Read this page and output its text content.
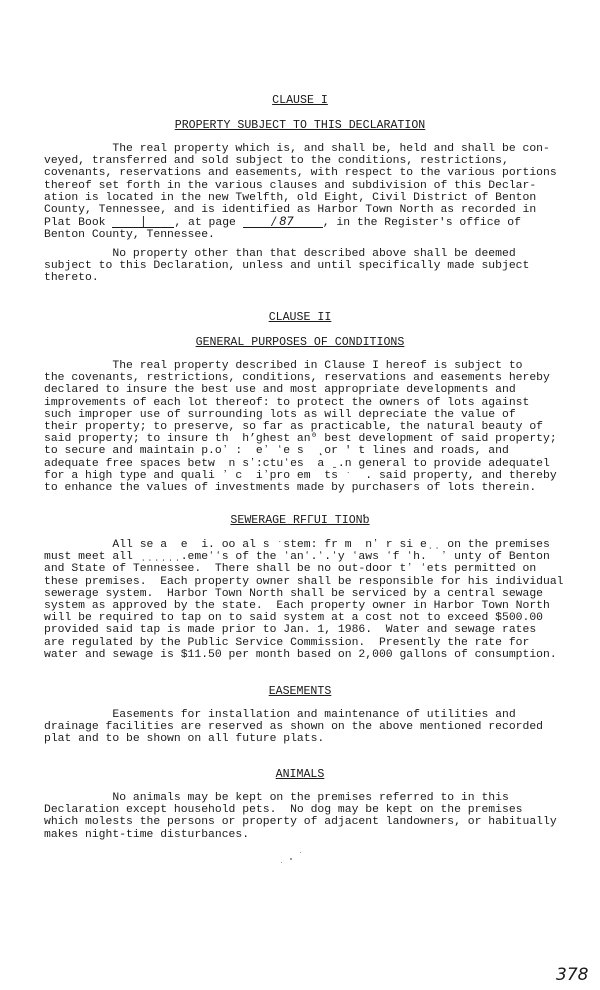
CLAUSE I

PROPERTY SUBJECT TO THIS DECLARATION

The real property which is, and shall be, held and shall be con-
veyed, transferred and sold subject to the conditions, restrictions,
covenants, reservations and easements, with respect to the various portions
thereof set forth in the various clauses and subdivision of this Declar-
ation is located in the new Twelfth, old Eight, Civil District of Benton
County, Tennessee, and is identified as Harbor Town North as recorded in
Plat Book	|	, at page	/ 87	, in the Register's office of
Benton County, Tennessee.
No property other than that described above shall be deemed
subject to this Declaration, unless and until specifically made subject
thereto.

CLAUSE II

GENERAL PURPOSES OF CONDITIONS

The real property described in Clause I hereof is subject to
the covenants, restrictions, conditions, reservations and easements hereby
declared to insure the best use and most appropriate developments and
improvements of each lot thereof: to protect the owners of lots against
such improper use of surrounding lots as will depreciate the value of
their property; to preserve, so far as practicable, the natural beauty of
said property; to insure th  h’ghest an⁰ best development of said property;
to secure and maintain p.oʼ :  eʼ ʻe s  ˛or ′ t lines and roads, and
adequate free spaces betw  n sʼ:ctuʻes  a ˍ.n general to provide adequatel
for a high type and quali ʼ c  iʼpro em  ts ˑ  . said property, and thereby
to enhance the values of investments made by purchasers of lots therein.

SEWERAGE RFГUI TIONƅ

All se a  e  i. oo al s ˑstem: fr m  nʼ r si eˌˌ on the premises
must meet all ˌˌˌˌˌˌ.emeʻʻs of the ʻanʻ.ʻ.ʻy ʻaws ʻf ʻh.  ʼ unty of Benton
and State of Tennessee.  There shall be no out-door tʼ ʻets permitted on
these premises.  Each property owner shall be responsible for his individual
sewerage system.  Harbor Town North shall be serviced by a central sewage
system as approved by the state.  Each property owner in Harbor Town North
will be required to tap on to said system at a cost not to exceed $500.00
provided said tap is made prior to Jan. 1, 1986.  Water and sewage rates
are regulated by the Public Service Commission.  Presently the rate for
water and sewage is $11.50 per month based on 2,000 gallons of consumption.

EASEMENTS

Easements for installation and maintenance of utilities and
drainage facilities are reserved as shown on the above mentioned recorded
plat and to be shown on all future plats.

ANIMALS

No animals may be kept on the premises referred to in this
Declaration except household pets.  No dog may be kept on the premises
which molests the persons or property of adjacent landowners, or habitually
makes night-time disturbances.

378
